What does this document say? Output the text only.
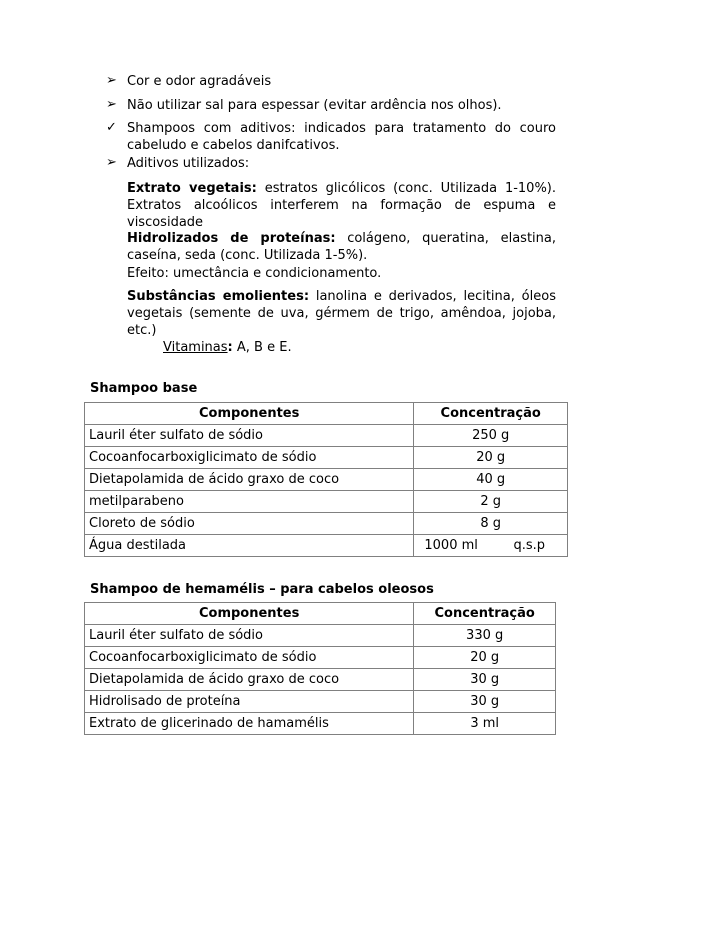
➢ Cor e odor agradáveis
➢ Não utilizar sal para espessar (evitar ardência nos olhos).
✓ Shampoos com aditivos: indicados para tratamento do couro cabeludo e cabelos danifcativos.
➢ Aditivos utilizados:
Extrato vegetais: estratos glicólicos (conc. Utilizada 1-10%). Extratos alcoólicos interferem na formação de espuma e viscosidade
Hidrolizados de proteínas: colágeno, queratina, elastina, caseína, seda (conc. Utilizada 1-5%).
Efeito: umectância e condicionamento.
Substâncias emolientes: lanolina e derivados, lecitina, óleos vegetais (semente de uva, gérmem de trigo, amêndoa, jojoba, etc.)
Vitaminas: A, B e E.
Shampoo base
Componentes	Concentração
Lauril éter sulfato de sódio	250 g
Cocoanfocarboxiglicimato de sódio	20 g
Dietapolamida de ácido graxo de coco	40 g
metilparabeno	2 g
Cloreto de sódio	8 g
Água destilada	1000 ml q.s.p
Shampoo de hemamélis – para cabelos oleosos
Componentes	Concentração
Lauril éter sulfato de sódio	330 g
Cocoanfocarboxiglicimato de sódio	20 g
Dietapolamida de ácido graxo de coco	30 g
Hidrolisado de proteína	30 g
Extrato de glicerinado de hamamélis	3 ml
